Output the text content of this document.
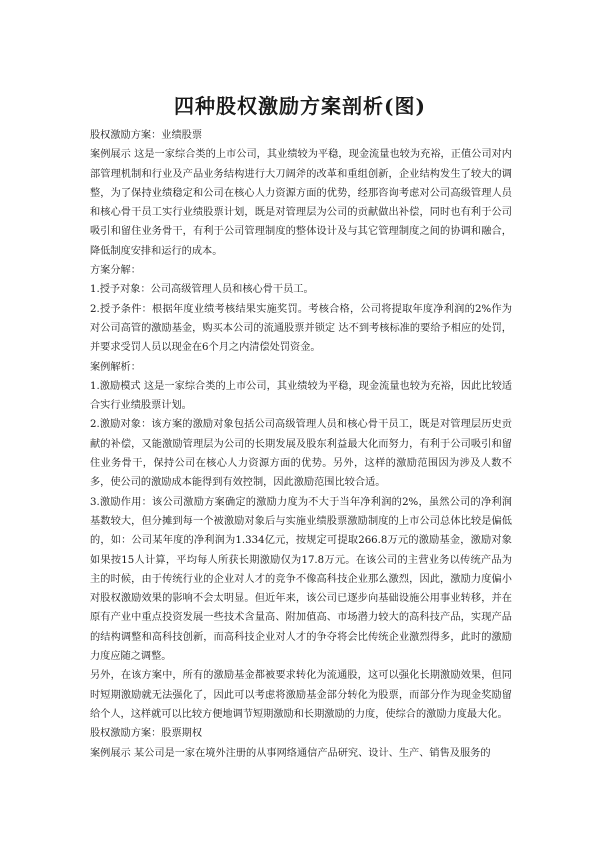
四种股权激励方案剖析(图)

股权激励方案：业绩股票

案例展示 这是一家综合类的上市公司，其业绩较为平稳，现金流量也较为充裕，正值公司对内部管理机制和行业及产品业务结构进行大刀阔斧的改革和重组创新，企业结构发生了较大的调整，为了保持业绩稳定和公司在核心人力资源方面的优势，经那咨询考虑对公司高级管理人员和核心骨干员工实行业绩股票计划，既是对管理层为公司的贡献做出补偿，同时也有利于公司吸引和留住业务骨干，有利于公司管理制度的整体设计及与其它管理制度之间的协调和融合，降低制度安排和运行的成本。

方案分解：

1.授予对象：公司高级管理人员和核心骨干员工。

2.授予条件：根据年度业绩考核结果实施奖罚。考核合格，公司将提取年度净利润的2%作为对公司高管的激励基金，购买本公司的流通股票并锁定 达不到考核标准的要给予相应的处罚，并要求受罚人员以现金在6个月之内清偿处罚资金。

案例解析：

1.激励模式 这是一家综合类的上市公司，其业绩较为平稳，现金流量也较为充裕，因此比较适合实行业绩股票计划。

2.激励对象：该方案的激励对象包括公司高级管理人员和核心骨干员工，既是对管理层历史贡献的补偿，又能激励管理层为公司的长期发展及股东利益最大化而努力，有利于公司吸引和留住业务骨干，保持公司在核心人力资源方面的优势。另外，这样的激励范围因为涉及人数不多，使公司的激励成本能得到有效控制，因此激励范围比较合适。

3.激励作用：该公司激励方案确定的激励力度为不大于当年净利润的2%，虽然公司的净利润基数较大，但分摊到每一个被激励对象后与实施业绩股票激励制度的上市公司总体比较是偏低的，如：公司某年度的净利润为1.334亿元，按规定可提取266.8万元的激励基金，激励对象如果按15人计算，平均每人所获长期激励仅为17.8万元。在该公司的主营业务以传统产品为主的时候，由于传统行业的企业对人才的竞争不像高科技企业那么激烈，因此，激励力度偏小对股权激励效果的影响不会太明显。但近年来，该公司已逐步向基础设施公用事业转移，并在原有产业中重点投资发展一些技术含量高、附加值高、市场潜力较大的高科技产品，实现产品的结构调整和高科技创新，而高科技企业对人才的争夺将会比传统企业激烈得多，此时的激励力度应随之调整。

另外，在该方案中，所有的激励基金都被要求转化为流通股，这可以强化长期激励效果，但同时短期激励就无法强化了，因此可以考虑将激励基金部分转化为股票，而部分作为现金奖励留给个人，这样就可以比较方便地调节短期激励和长期激励的力度，使综合的激励力度最大化。

股权激励方案：股票期权

案例展示 某公司是一家在境外注册的从事网络通信产品研究、设计、生产、销售及服务的
